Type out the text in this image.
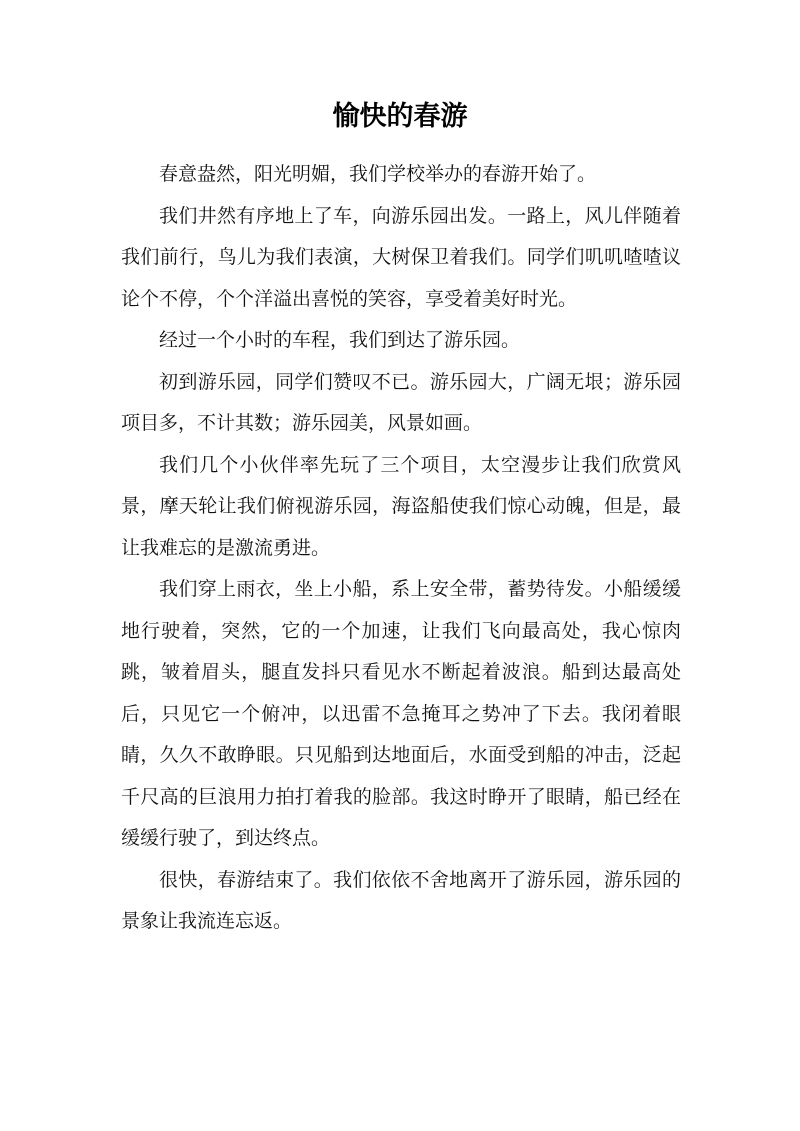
愉快的春游

春意盎然，阳光明媚，我们学校举办的春游开始了。

我们井然有序地上了车，向游乐园出发。一路上，风儿伴随着我们前行，鸟儿为我们表演，大树保卫着我们。同学们叽叽喳喳议论个不停，个个洋溢出喜悦的笑容，享受着美好时光。

经过一个小时的车程，我们到达了游乐园。

初到游乐园，同学们赞叹不已。游乐园大，广阔无垠；游乐园项目多，不计其数；游乐园美，风景如画。

我们几个小伙伴率先玩了三个项目，太空漫步让我们欣赏风景，摩天轮让我们俯视游乐园，海盗船使我们惊心动魄，但是，最让我难忘的是激流勇进。

我们穿上雨衣，坐上小船，系上安全带，蓄势待发。小船缓缓地行驶着，突然，它的一个加速，让我们飞向最高处，我心惊肉跳，皱着眉头，腿直发抖只看见水不断起着波浪。船到达最高处后，只见它一个俯冲，以迅雷不急掩耳之势冲了下去。我闭着眼睛，久久不敢睁眼。只见船到达地面后，水面受到船的冲击，泛起千尺高的巨浪用力拍打着我的脸部。我这时睁开了眼睛，船已经在缓缓行驶了，到达终点。

很快，春游结束了。我们依依不舍地离开了游乐园，游乐园的景象让我流连忘返。
